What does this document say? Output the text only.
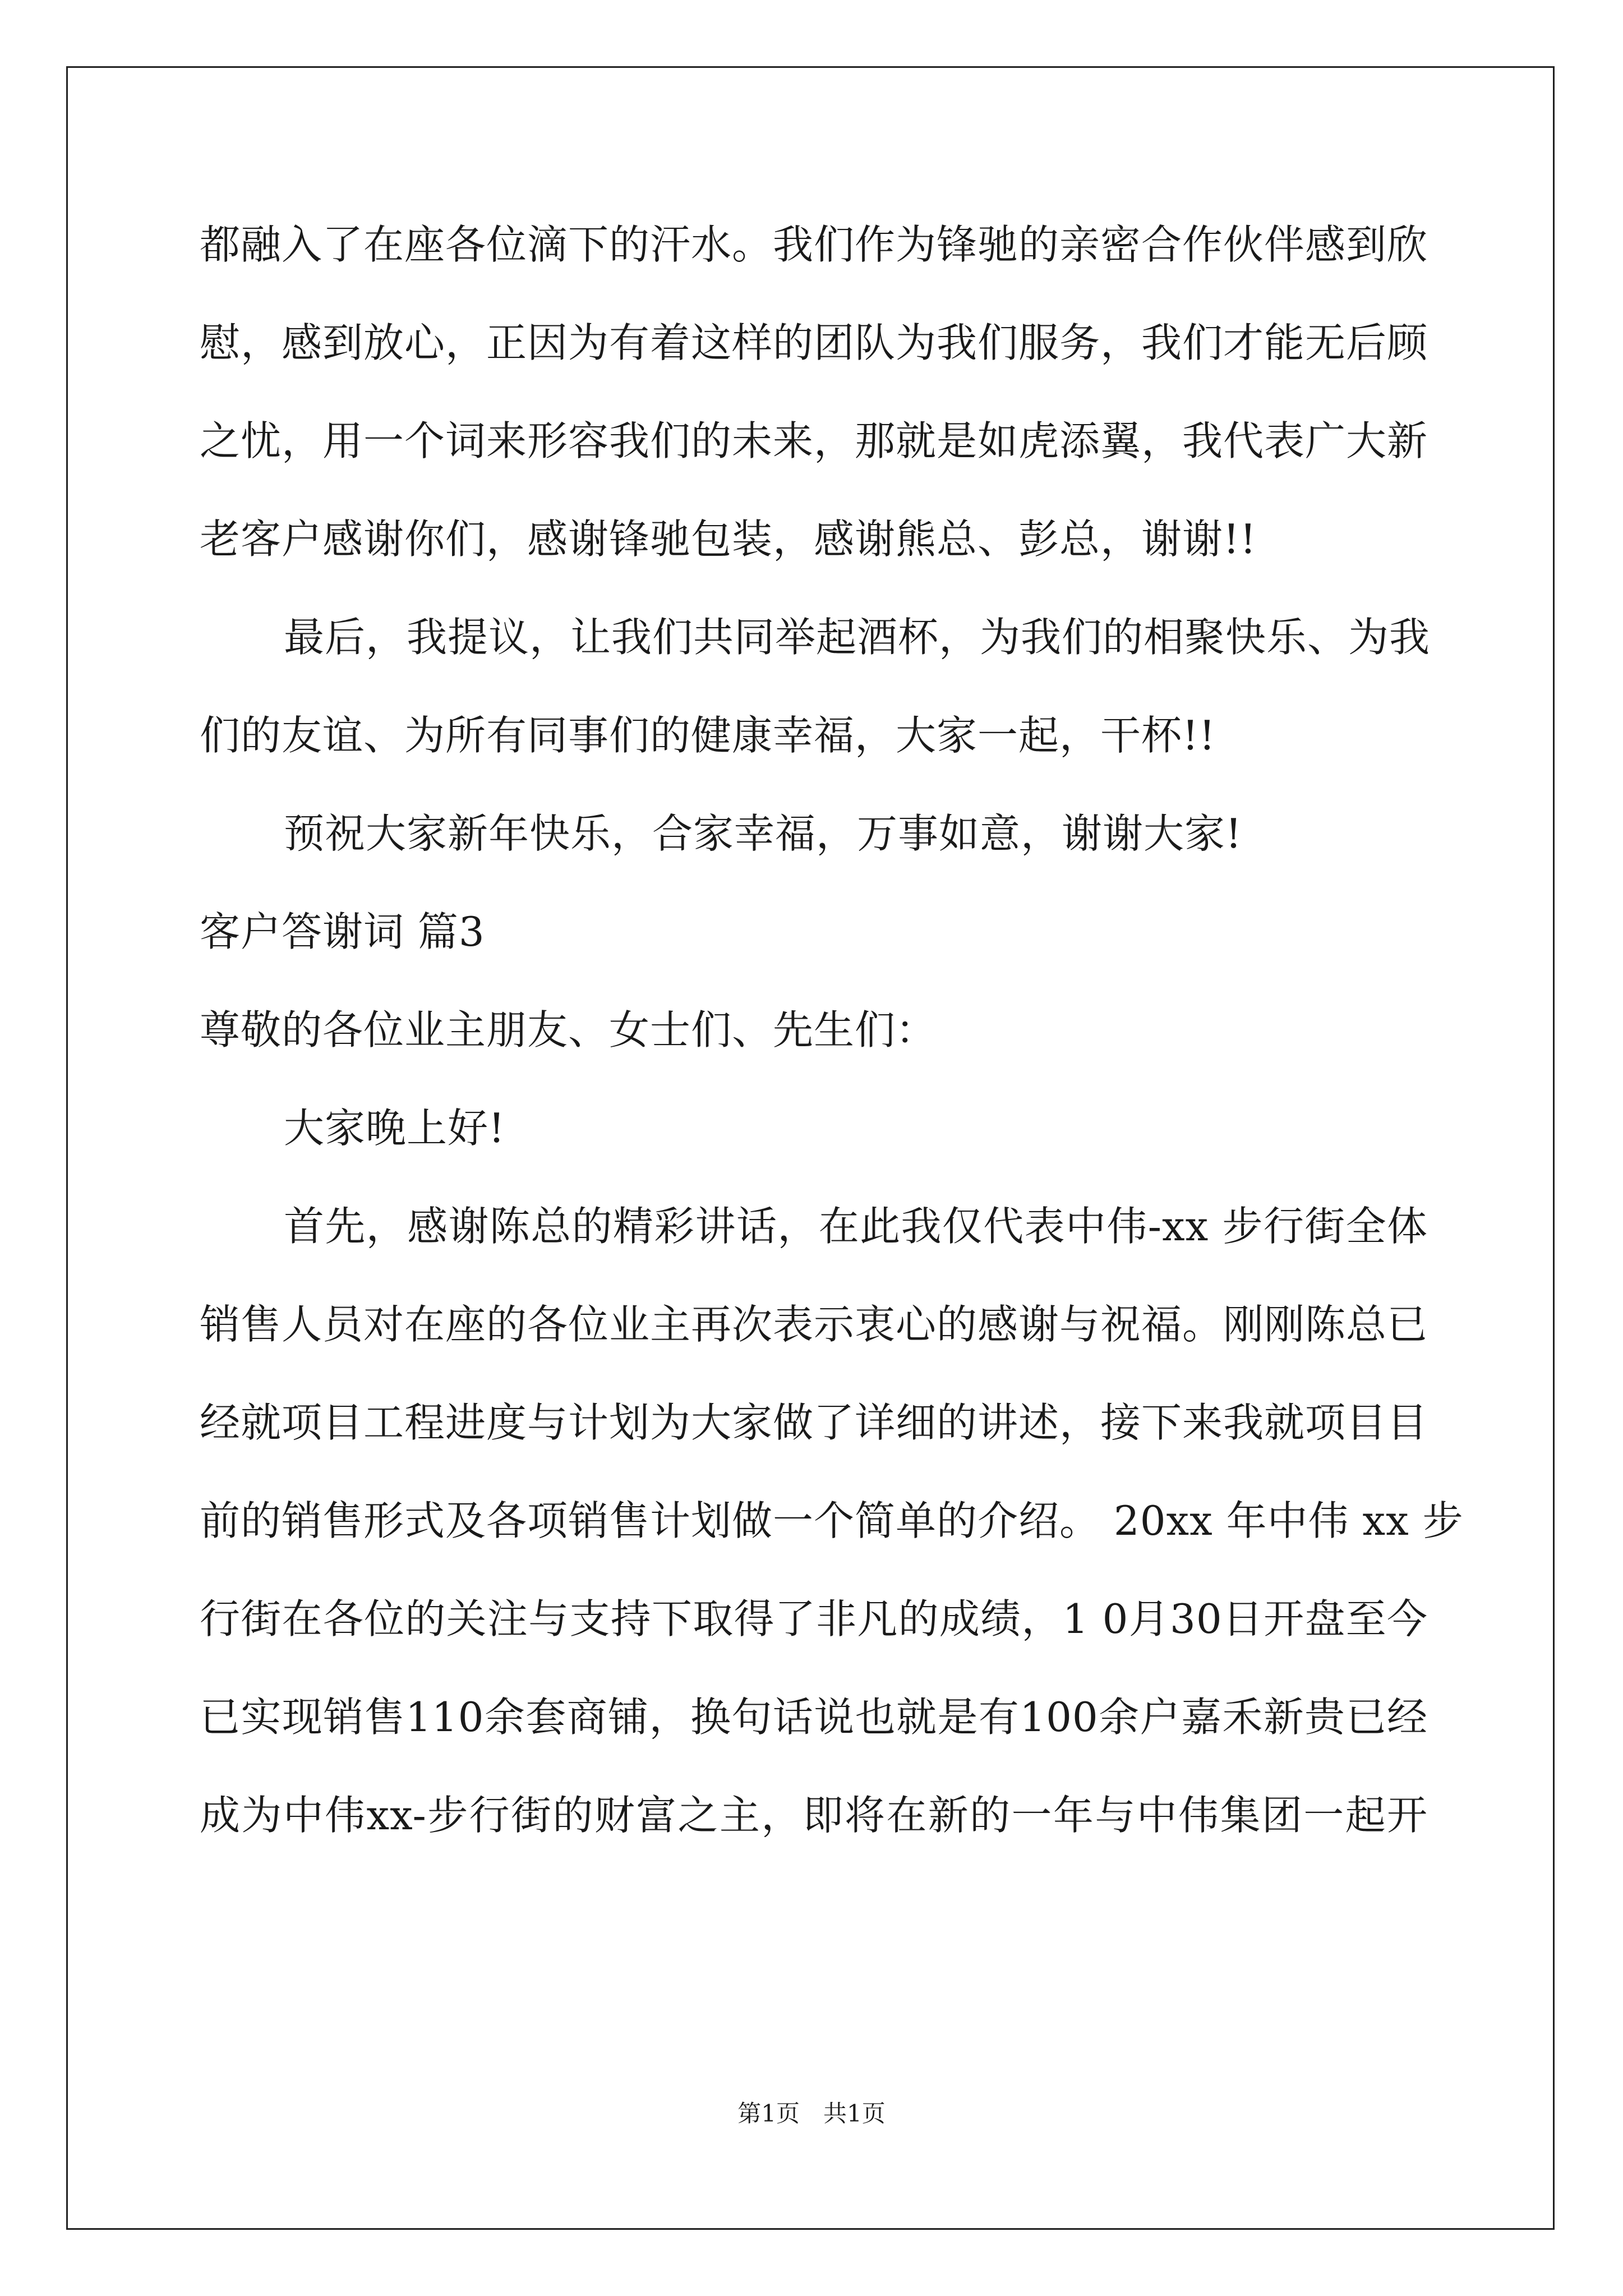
都融入了在座各位滴下的汗水。我们作为锋驰的亲密合作伙伴感到欣
慰，感到放心，正因为有着这样的团队为我们服务，我们才能无后顾
之忧，用一个词来形容我们的未来，那就是如虎添翼，我代表广大新
老客户感谢你们，感谢锋驰包装，感谢熊总、彭总，谢谢!!
最后，我提议，让我们共同举起酒杯，为我们的相聚快乐、为我
们的友谊、为所有同事们的健康幸福，大家一起，干杯!!
预祝大家新年快乐，合家幸福，万事如意，谢谢大家!
客户答谢词 篇3
尊敬的各位业主朋友、女士们、先生们：
大家晚上好!
首先，感谢陈总的精彩讲话，在此我仅代表中伟-xx 步行街全体
销售人员对在座的各位业主再次表示衷心的感谢与祝福。刚刚陈总已
经就项目工程进度与计划为大家做了详细的讲述，接下来我就项目目
前的销售形式及各项销售计划做一个简单的介绍。 20xx 年中伟 xx 步
行街在各位的关注与支持下取得了非凡的成绩，1 0月30日开盘至今
已实现销售110余套商铺，换句话说也就是有100余户嘉禾新贵已经
成为中伟xx-步行街的财富之主，即将在新的一年与中伟集团一起开
第1页　共1页
